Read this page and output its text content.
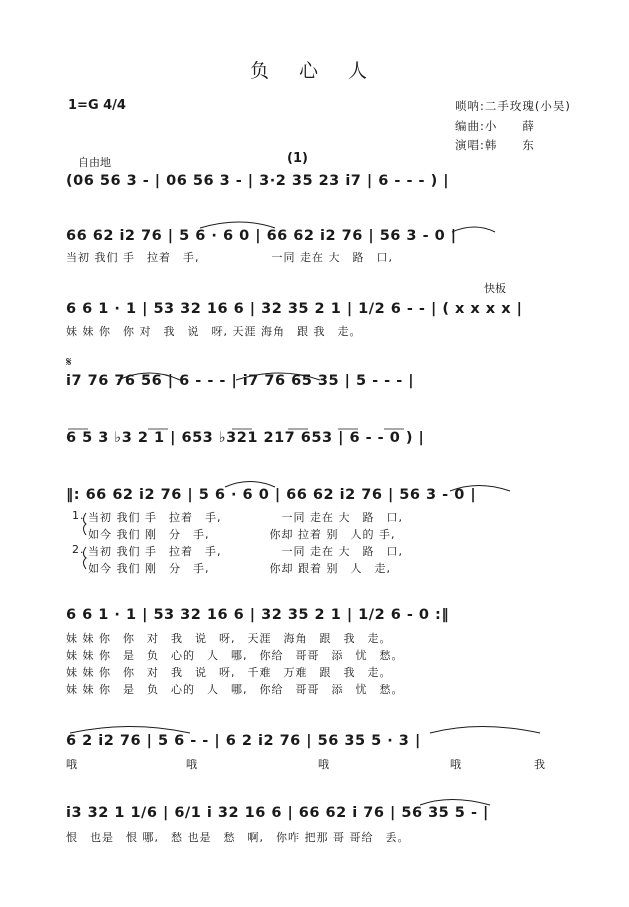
负 心 人
1=G 4/4	唢呐:二手玫瑰(小吴)
编曲:小　　薛
演唱:韩　　东
自由地	(1)
(06 56 3 - | 06 56 3 - | 3·2 35 23 i7 | 6 - - - ) |
66 62 i2 76 | 5 6 · 6 0 | 66 62 i2 76 | 56 3 - 0 |
当初 我们 手　拉着　手,　　　　　　一同 走在 大　路　口,
快板
6 6 1 · 1 | 53 32 16 6 | 32 35 2 1 | 1/2 6 - - | ( x x x x |
妹 妹 你　你 对　我　说　呀, 天涯 海角　跟 我　走。
𝄋
i7 76 76 56 | 6 - - - | i7 76 65 35 | 5 - - - |
6 5 3 ♭3 2 1 | 653 ♭321 217 653 | 6 - - 0 ) |
‖: 66 62 i2 76 | 5 6 · 6 0 | 66 62 i2 76 | 56 3 - 0 |
1. 当初 我们 手　拉着　手,　　　　　一同 走在 大　路　口,
如今 我们 刚　分　手,　　　　　你却 拉着 别　人的 手,
2. 当初 我们 手　拉着　手,　　　　　一同 走在 大　路　口,
如今 我们 刚　分　手,　　　　　你却 跟着 别　人　走,
6 6 1 · 1 | 53 32 16 6 | 32 35 2 1 | 1/2 6 - 0 :‖
妹 妹 你　你　对　我　说　呀,　天涯　海角　跟　我　走。
妹 妹 你　是　负　心的　人　哪,　你给　哥哥　添　忧　愁。
妹 妹 你　你　对　我　说　呀,　千难　万难　跟　我　走。
妹 妹 你　是　负　心的　人　哪,　你给　哥哥　添　忧　愁。
6 2 i2 76 | 5 6 - - | 6 2 i2 76 | 56 35 5 · 3 |
哦　　　　　　　　　哦　　　　　　　　　　哦　　　　　　　　　　哦　　　　　　我
i3 32 1 1/6 | 6/1 i 32 16 6 | 66 62 i 76 | 56 35 5 - |
恨　也是　恨 哪,　愁 也是　愁　啊,　你咋 把那 哥 哥给　丢。
